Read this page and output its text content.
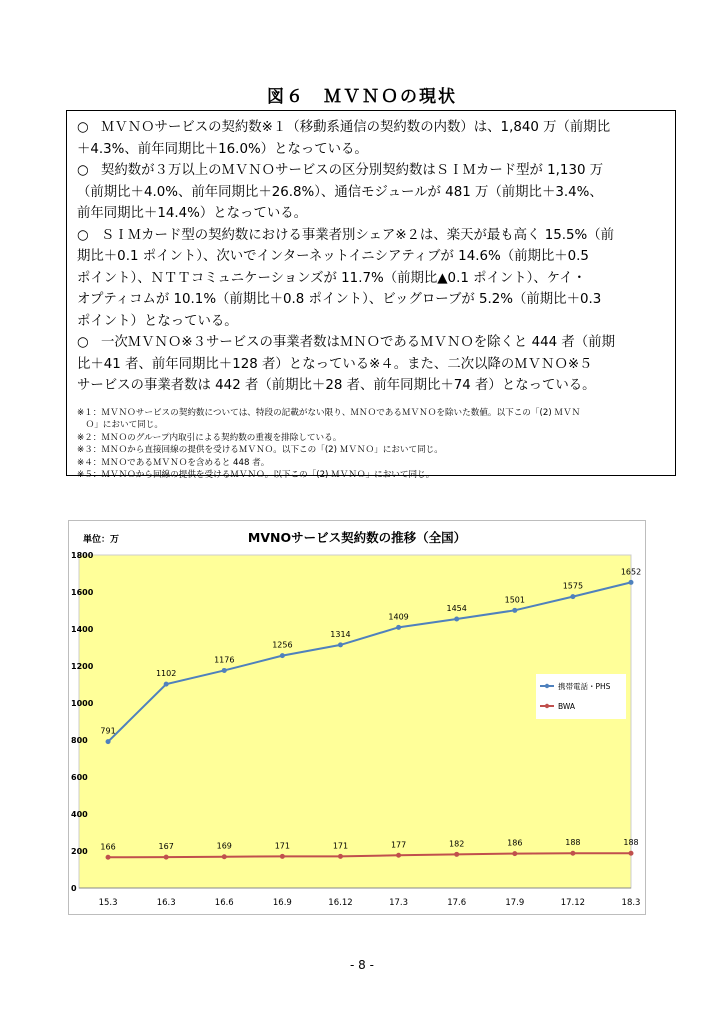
図６　ＭＶＮＯの現状
○ ＭＶＮＯサービスの契約数※１（移動系通信の契約数の内数）は、1,840 万（前期比
＋4.3%、前年同期比＋16.0%）となっている。
○ 契約数が３万以上のＭＶＮＯサービスの区分別契約数はＳＩＭカード型が 1,130 万
（前期比＋4.0%、前年同期比＋26.8%）、通信モジュールが 481 万（前期比＋3.4%、
前年同期比＋14.4%）となっている。
○ ＳＩＭカード型の契約数における事業者別シェア※２は、楽天が最も高く 15.5%（前
期比＋0.1 ポイント）、次いでインターネットイニシアティブが 14.6%（前期比＋0.5
ポイント）、ＮＴＴコミュニケーションズが 11.7%（前期比▲0.1 ポイント）、ケイ・
オプティコムが 10.1%（前期比＋0.8 ポイント）、ビッグローブが 5.2%（前期比＋0.3
ポイント）となっている。
○ 一次ＭＶＮＯ※３サービスの事業者数はＭＮＯであるＭＶＮＯを除くと 444 者（前期
比＋41 者、前年同期比＋128 者）となっている※４。また、二次以降のＭＶＮＯ※５
サービスの事業者数は 442 者（前期比＋28 者、前年同期比＋74 者）となっている。
※１：ＭＶＮＯサービスの契約数については、特段の記載がない限り、ＭＮＯであるＭＶＮＯを除いた数値。以下この「(2) ＭＶＮ
　Ｏ」において同じ。
※２：ＭＮＯのグループ内取引による契約数の重複を排除している。
※３：ＭＮＯから直接回線の提供を受けるＭＶＮＯ。以下この「(2) ＭＶＮＯ」において同じ。
※４：ＭＮＯであるＭＶＮＯを含めると 448 者。
※５：ＭＶＮＯから回線の提供を受けるＭＶＮＯ。以下この「(2) ＭＶＮＯ」において同じ。
MVNOサービス契約数の推移（全国）
単位：万
0
200
400
600
800
1000
1200
1400
1600
1800
15.3	16.3	16.6	16.9	16.12	17.3	17.6	17.9	17.12	18.3
791
1102
1176
1256
1314
1409
1454
1501
1575
1652
166	167	169	171	171	177	182	186	188	188
携帯電話・PHS
BWA
- 8 -
